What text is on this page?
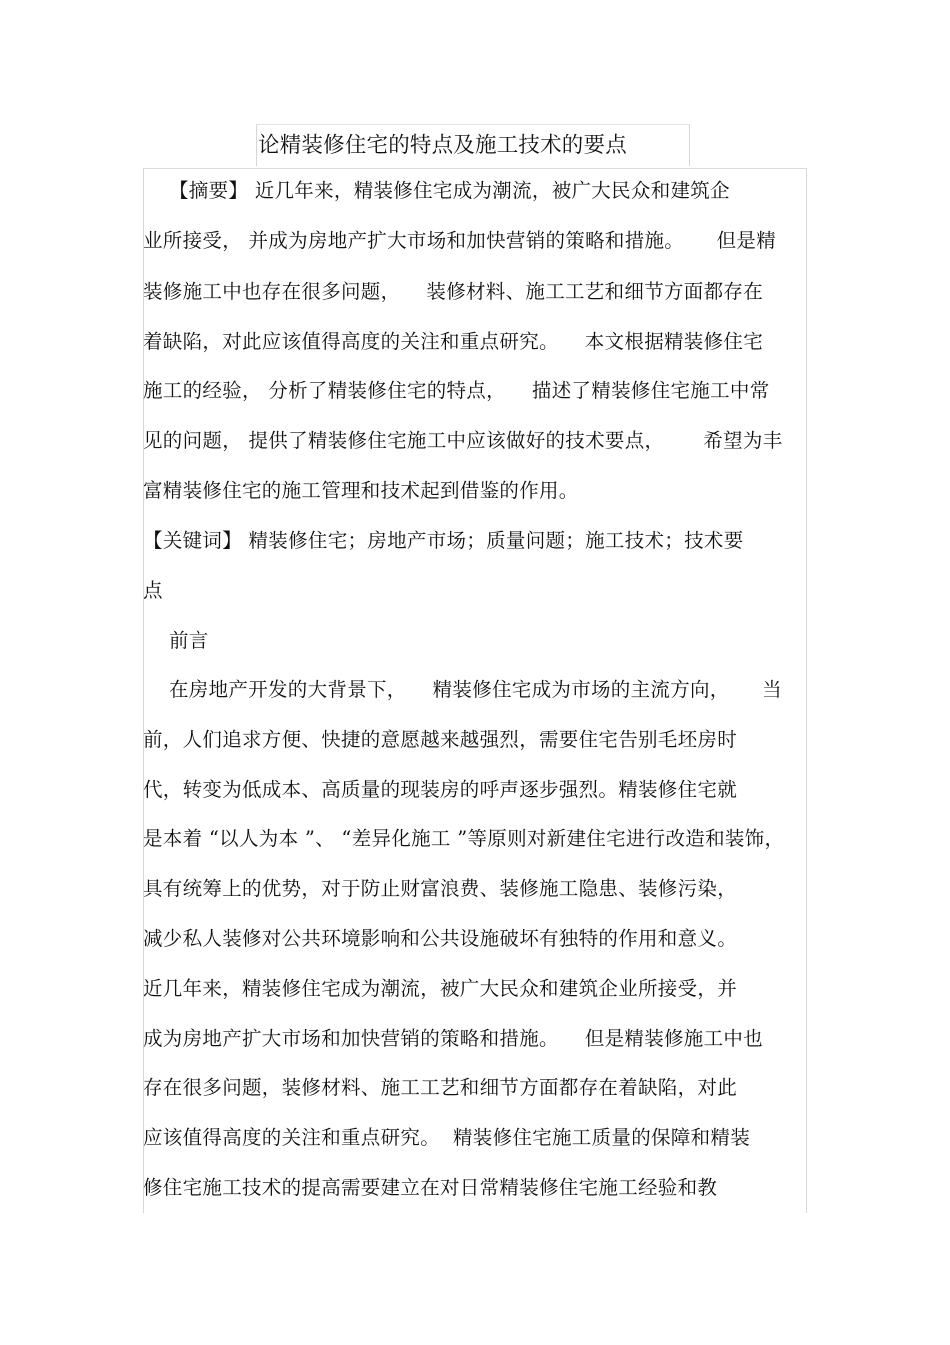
论精装修住宅的特点及施工技术的要点
【摘要】 近几年来，精装修住宅成为潮流，被广大民众和建筑企
业所接受， 并成为房地产扩大市场和加快营销的策略和措施。     但是精
装修施工中也存在很多问题，    装修材料、施工工艺和细节方面都存在
着缺陷，对此应该值得高度的关注和重点研究。    本文根据精装修住宅
施工的经验， 分析了精装修住宅的特点，    描述了精装修住宅施工中常
见的问题， 提供了精装修住宅施工中应该做好的技术要点，      希望为丰
富精装修住宅的施工管理和技术起到借鉴的作用。
【关键词】 精装修住宅；房地产市场；质量问题；施工技术；技术要
点
前言
在房地产开发的大背景下，    精装修住宅成为市场的主流方向，     当
前，人们追求方便、快捷的意愿越来越强烈，需要住宅告别毛坯房时
代，转变为低成本、高质量的现装房的呼声逐步强烈。精装修住宅就
是本着 “以人为本 ”、 “差异化施工 ”等原则对新建住宅进行改造和装饰，
具有统筹上的优势，对于防止财富浪费、装修施工隐患、装修污染，
减少私人装修对公共环境影响和公共设施破坏有独特的作用和意义。
近几年来，精装修住宅成为潮流，被广大民众和建筑企业所接受，并
成为房地产扩大市场和加快营销的策略和措施。    但是精装修施工中也
存在很多问题，装修材料、施工工艺和细节方面都存在着缺陷，对此
应该值得高度的关注和重点研究。  精装修住宅施工质量的保障和精装
修住宅施工技术的提高需要建立在对日常精装修住宅施工经验和教
